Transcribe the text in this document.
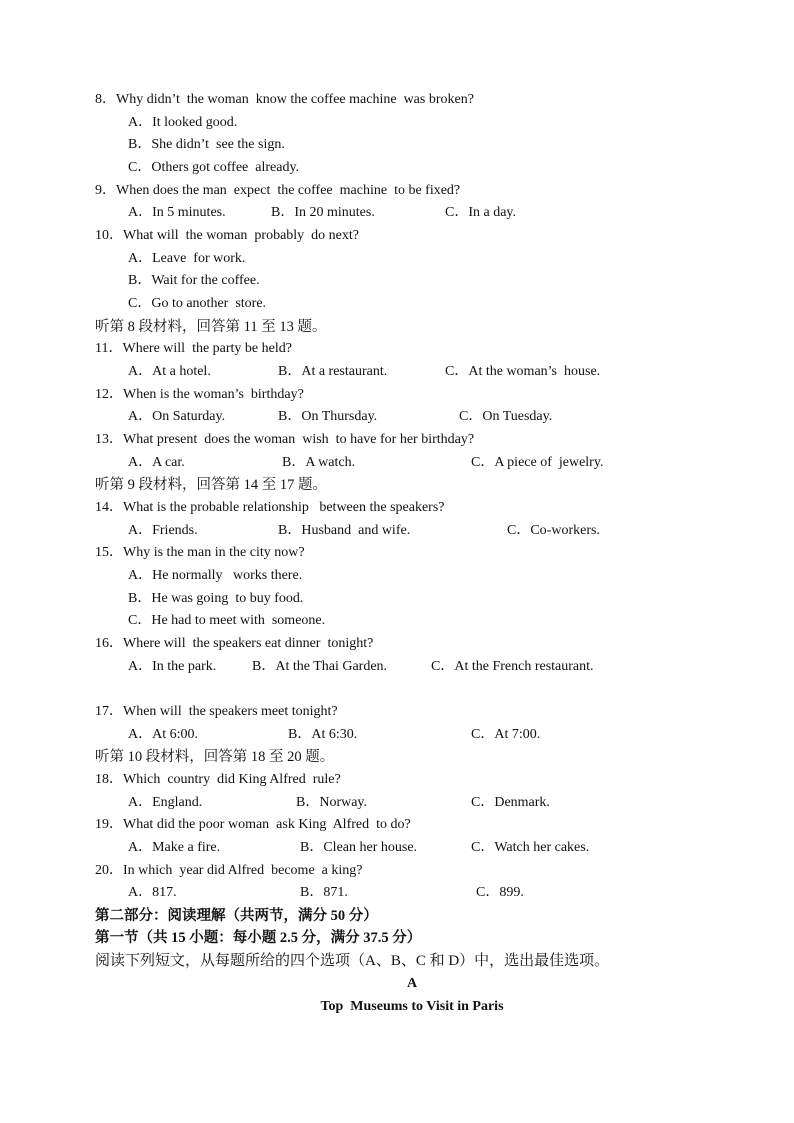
8．Why didn’t  the woman  know the coffee machine  was broken?
A．It looked good.
B．She didn’t  see the sign.
C．Others got coffee  already.
9．When does the man  expect  the coffee  machine  to be fixed?
A．In 5 minutes.	B．In 20 minutes.	C．In a day.
10．What will  the woman  probably  do next?
A．Leave  for work.
B．Wait for the coffee.
C．Go to another  store.
听第 8 段材料，回答第 11 至 13 题。
11．Where will  the party be held?
A．At a hotel.	B．At a restaurant.	C．At the woman’s  house.
12．When is the woman’s  birthday?
A．On Saturday.	B．On Thursday.	C．On Tuesday.
13．What present  does the woman  wish  to have for her birthday?
A．A car.	B．A watch.	C．A piece of  jewelry.
听第 9 段材料，回答第 14 至 17 题。
14．What is the probable relationship   between the speakers?
A．Friends.	B．Husband  and wife.	C．Co-workers.
15．Why is the man in the city now?
A．He normally   works there.
B．He was going  to buy food.
C．He had to meet with  someone.
16．Where will  the speakers eat dinner  tonight?
A．In the park.	B．At the Thai Garden.	C．At the French restaurant.
17．When will  the speakers meet tonight?
A．At 6:00.	B．At 6:30.	C．At 7:00.
听第 10 段材料，回答第 18 至 20 题。
18．Which  country  did King Alfred  rule?
A．England.	B．Norway.	C．Denmark.
19．What did the poor woman  ask King  Alfred  to do?
A．Make a fire.	B．Clean her house.	C．Watch her cakes.
20．In which  year did Alfred  become  a king?
A．817.	B．871.	C．899.
第二部分：阅读理解（共两节，满分 50 分）
第一节（共 15 小题：每小题 2.5 分，满分 37.5 分）
阅读下列短文，从每题所给的四个选项（A、B、C 和 D）中，选出最佳选项。
A
Top  Museums to Visit in Paris
